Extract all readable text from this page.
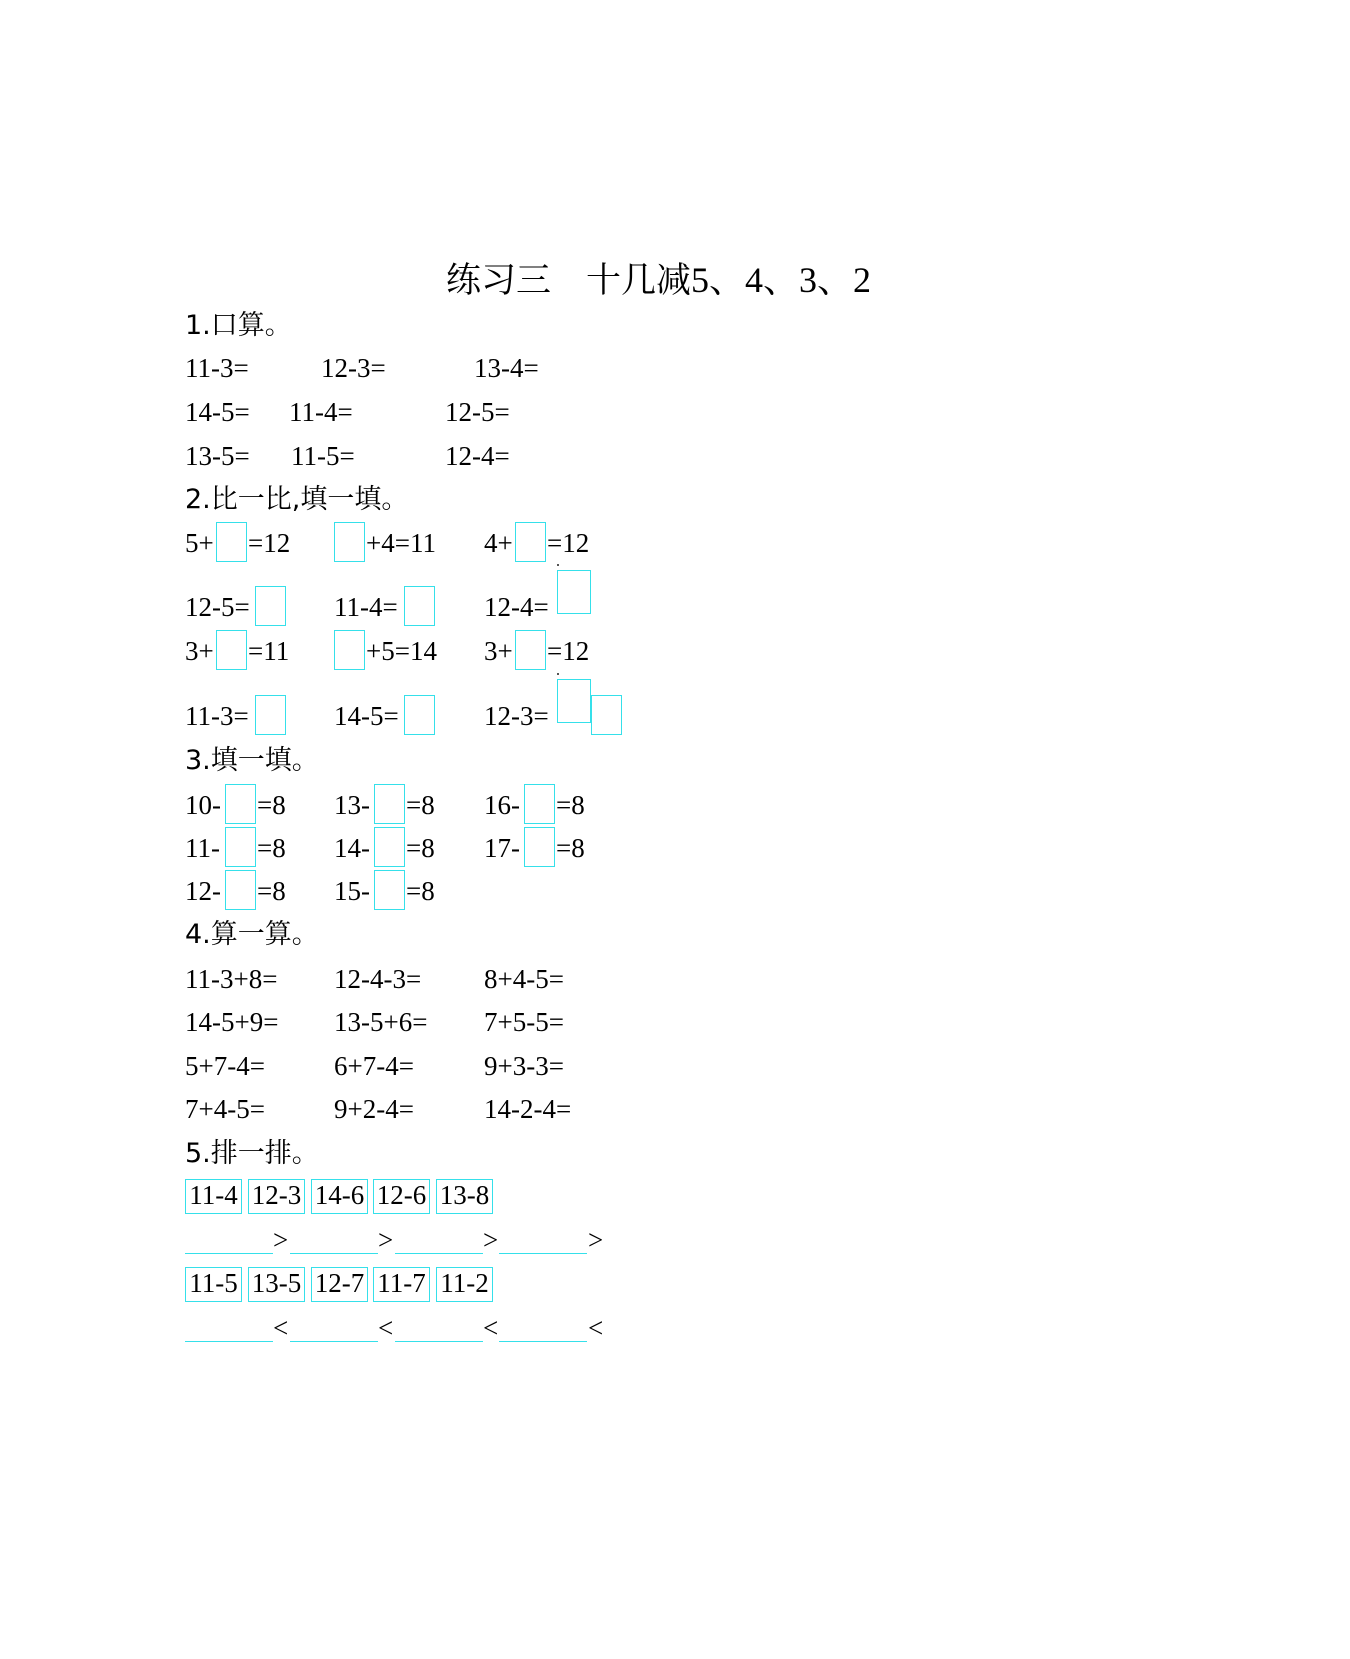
练习三　十几减5、4、3、2
1.口算。
11-3=	12-3=	13-4=
14-5= 11-4=	12-5=
13-5= 11-5=	12-4=
2.比一比,填一填。
5+ =12	+4=11 4+ =12
12-5=	11-4=	12-4=
3+ =11	+5=14 3+ =12
11-3=	14-5=	12-3=
3.填一填。
10- =8 13- =8 16- =8
11- =8 14- =8 17- =8
12- =8 15- =8
4.算一算。
11-3+8= 12-4-3= 8+4-5=
14-5+9= 13-5+6= 7+5-5=
5+7-4=	6+7-4=	9+3-3=
7+4-5=	9+2-4=	14-2-4=
5.排一排。
11-4 12-3 14-6 12-6 13-8
>	>	>	>
11-5 13-5 12-7 11-7 11-2
<	<	<	<
